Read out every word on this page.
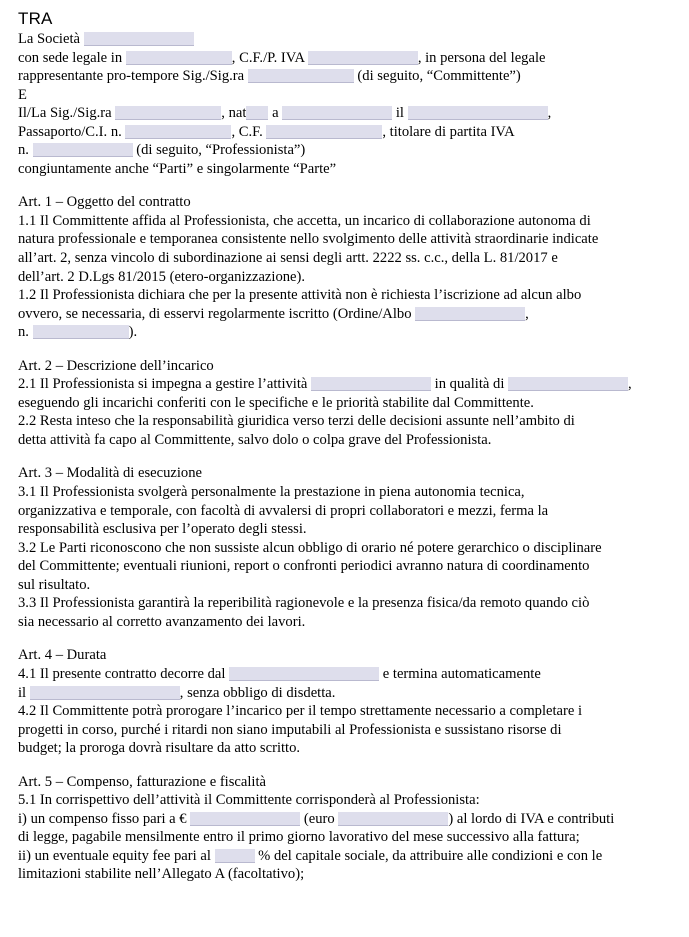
TRA
La Società
con sede legale in	, C.F./P. IVA	, in persona del legale
rappresentante pro-tempore Sig./Sig.ra	(di seguito, “Committente”)
E
Il/La Sig./Sig.ra	, nat a	il	,
Passaporto/C.I. n.	, C.F.	, titolare di partita IVA
n.	(di seguito, “Professionista”)
congiuntamente anche “Parti” e singolarmente “Parte”
Art. 1 – Oggetto del contratto
1.1 Il Committente affida al Professionista, che accetta, un incarico di collaborazione autonoma di
natura professionale e temporanea consistente nello svolgimento delle attività straordinarie indicate
all’art. 2, senza vincolo di subordinazione ai sensi degli artt. 2222 ss. c.c., della L. 81/2017 e
dell’art. 2 D.Lgs 81/2015 (etero-organizzazione).
1.2 Il Professionista dichiara che per la presente attività non è richiesta l’iscrizione ad alcun albo
ovvero, se necessaria, di esservi regolarmente iscritto (Ordine/Albo	,
n.	).
Art. 2 – Descrizione dell’incarico
2.1 Il Professionista si impegna a gestire l’attività	in qualità di	,
eseguendo gli incarichi conferiti con le specifiche e le priorità stabilite dal Committente.
2.2 Resta inteso che la responsabilità giuridica verso terzi delle decisioni assunte nell’ambito di
detta attività fa capo al Committente, salvo dolo o colpa grave del Professionista.
Art. 3 – Modalità di esecuzione
3.1 Il Professionista svolgerà personalmente la prestazione in piena autonomia tecnica,
organizzativa e temporale, con facoltà di avvalersi di propri collaboratori e mezzi, ferma la
responsabilità esclusiva per l’operato degli stessi.
3.2 Le Parti riconoscono che non sussiste alcun obbligo di orario né potere gerarchico o disciplinare
del Committente; eventuali riunioni, report o confronti periodici avranno natura di coordinamento
sul risultato.
3.3 Il Professionista garantirà la reperibilità ragionevole e la presenza fisica/da remoto quando ciò
sia necessario al corretto avanzamento dei lavori.
Art. 4 – Durata
4.1 Il presente contratto decorre dal	e termina automaticamente
il	, senza obbligo di disdetta.
4.2 Il Committente potrà prorogare l’incarico per il tempo strettamente necessario a completare i
progetti in corso, purché i ritardi non siano imputabili al Professionista e sussistano risorse di
budget; la proroga dovrà risultare da atto scritto.
Art. 5 – Compenso, fatturazione e fiscalità
5.1 In corrispettivo dell’attività il Committente corrisponderà al Professionista:
i) un compenso fisso pari a €	(euro	) al lordo di IVA e contributi
di legge, pagabile mensilmente entro il primo giorno lavorativo del mese successivo alla fattura;
ii) un eventuale equity fee pari al	% del capitale sociale, da attribuire alle condizioni e con le
limitazioni stabilite nell’Allegato A (facoltativo);
